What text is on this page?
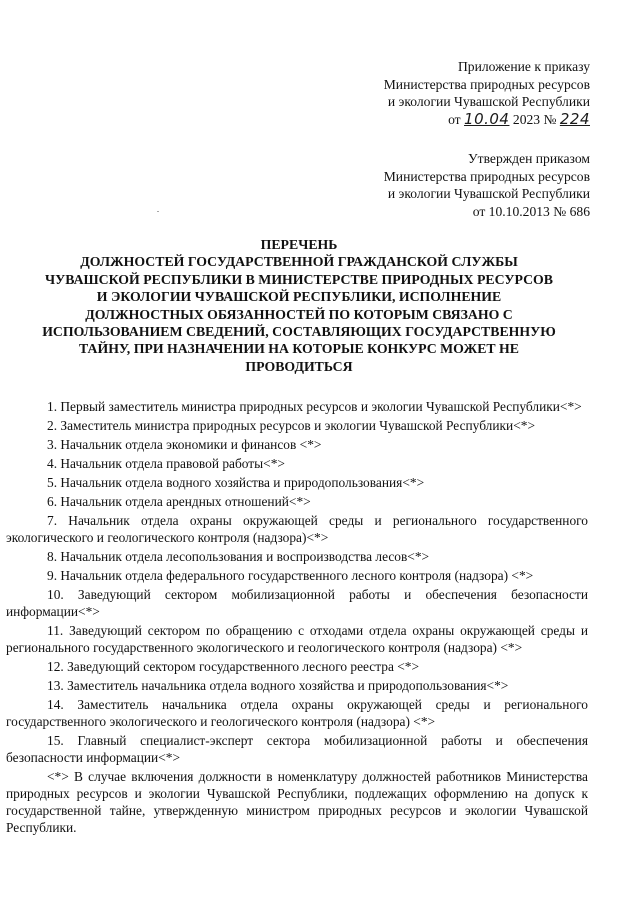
Приложение к приказу
Министерства природных ресурсов
и экологии Чувашской Республики
от 10.04 2023 № 224
Утвержден приказом
Министерства природных ресурсов
и экологии Чувашской Республики
от 10.10.2013 № 686
.
ПЕРЕЧЕНЬ
ДОЛЖНОСТЕЙ ГОСУДАРСТВЕННОЙ ГРАЖДАНСКОЙ СЛУЖБЫ
ЧУВАШСКОЙ РЕСПУБЛИКИ В МИНИСТЕРСТВЕ ПРИРОДНЫХ РЕСУРСОВ
И ЭКОЛОГИИ ЧУВАШСКОЙ РЕСПУБЛИКИ, ИСПОЛНЕНИЕ
ДОЛЖНОСТНЫХ ОБЯЗАННОСТЕЙ ПО КОТОРЫМ СВЯЗАНО С
ИСПОЛЬЗОВАНИЕМ СВЕДЕНИЙ, СОСТАВЛЯЮЩИХ ГОСУДАРСТВЕННУЮ
ТАЙНУ, ПРИ НАЗНАЧЕНИИ НА КОТОРЫЕ КОНКУРС МОЖЕТ НЕ
ПРОВОДИТЬСЯ

1. Первый заместитель министра природных ресурсов и экологии Чувашской Республики<*>

2. Заместитель министра природных ресурсов и экологии Чувашской Республики<*>

3. Начальник отдела экономики и финансов <*>

4. Начальник отдела правовой работы<*>

5. Начальник отдела водного хозяйства и природопользования<*>

6. Начальник отдела арендных отношений<*>

7. Начальник отдела охраны окружающей среды и регионального государственного экологического и геологического контроля (надзора)<*>

8. Начальник отдела лесопользования и воспроизводства лесов<*>

9. Начальник отдела федерального государственного лесного контроля (надзора) <*>

10. Заведующий сектором мобилизационной работы и обеспечения безопасности информации<*>

11. Заведующий сектором по обращению с отходами отдела охраны окружающей среды и регионального государственного экологического и геологического контроля (надзора) <*>

12. Заведующий сектором государственного лесного реестра <*>

13. Заместитель начальника отдела водного хозяйства и природопользования<*>

14. Заместитель начальника отдела охраны окружающей среды и регионального государственного экологического и геологического контроля (надзора) <*>

15. Главный специалист-эксперт сектора мобилизационной работы и обеспечения безопасности информации<*>

<*> В случае включения должности в номенклатуру должностей работников Министерства природных ресурсов и экологии Чувашской Республики, подлежащих оформлению на допуск к государственной тайне, утвержденную министром природных ресурсов и экологии Чувашской Республики.
